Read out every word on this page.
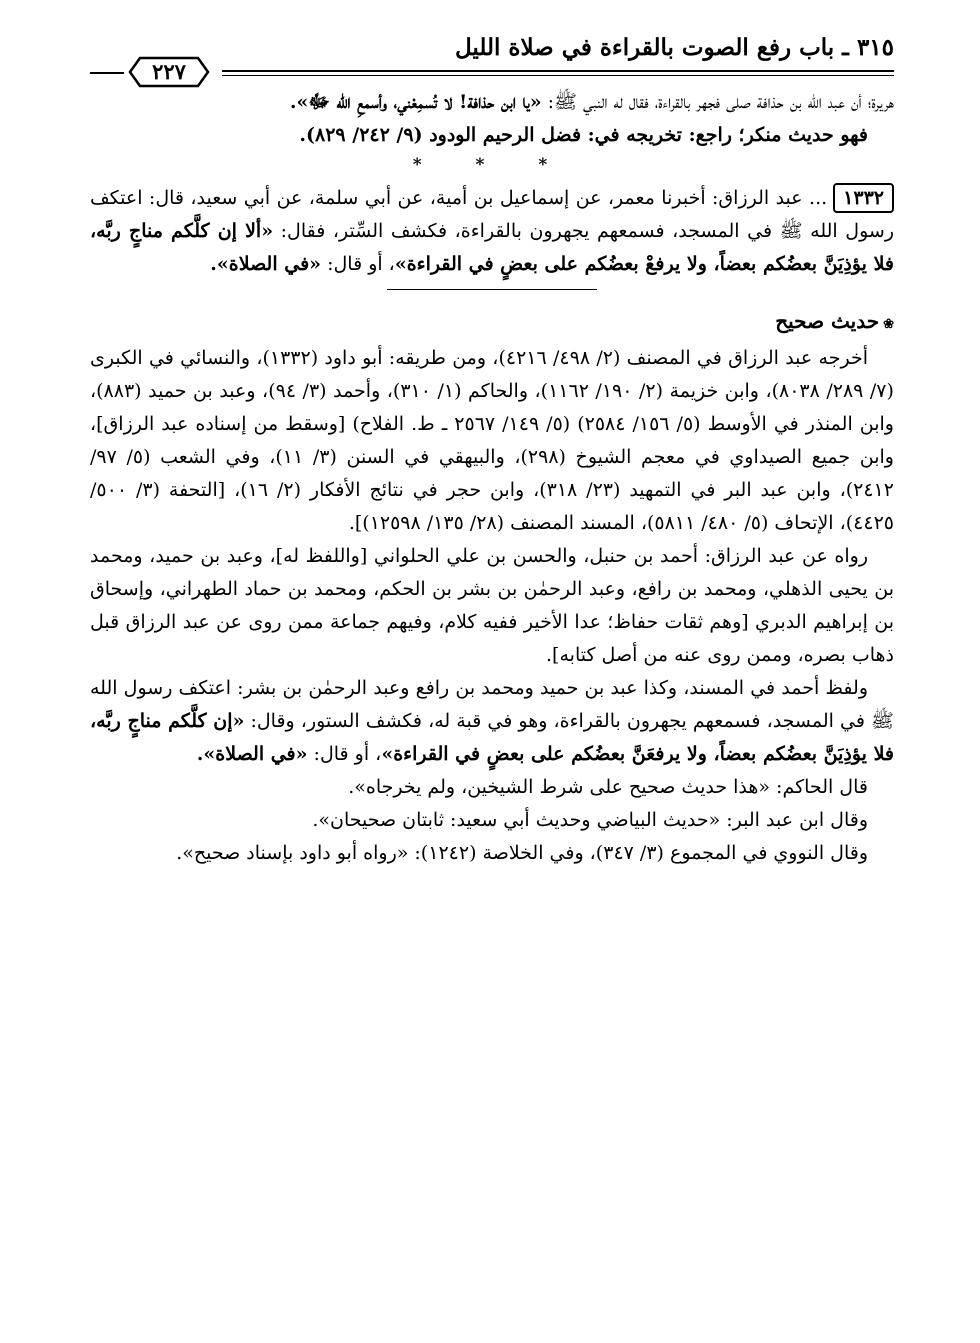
٣١٥ ـ باب رفع الصوت بالقراءة في صلاة الليل
٢٢٧

هريرة؛ أن عبد الله بن حذافة صلى فجهر بالقراءة، فقال له النبي ﷺ: «يا ابن حذافة! لا تُسمِعْني، وأسمعِ الله ﷻ».

فهو حديث منكر؛ راجع: تخريجه في: فضل الرحيم الودود (٩/ ٢٤٢/ ٨٢٩).

* * *

١٣٣٢... عبد الرزاق: أخبرنا معمر، عن إسماعيل بن أمية، عن أبي سلمة، عن أبي سعيد، قال: اعتكف رسول الله ﷺ في المسجد، فسمعهم يجهرون بالقراءة، فكشف السِّتر، فقال: «ألا إن كلَّكم مناجٍ ربَّه، فلا يؤذِيَنَّ بعضُكم بعضاً، ولا يرفعْ بعضُكم على بعضٍ في القراءة»، أو قال: «في الصلاة».

❀حديث صحيح

أخرجه عبد الرزاق في المصنف (٢/ ٤٩٨/ ٤٢١٦)، ومن طريقه: أبو داود (١٣٣٢)، والنسائي في الكبرى (٧/ ٢٨٩/ ٨٠٣٨)، وابن خزيمة (٢/ ١٩٠/ ١١٦٢)، والحاكم (١/ ٣١٠)، وأحمد (٣/ ٩٤)، وعبد بن حميد (٨٨٣)، وابن المنذر في الأوسط (٥/ ١٥٦/ ٢٥٨٤) (٥/ ١٤٩/ ٢٥٦٧ ـ ط. الفلاح) [وسقط من إسناده عبد الرزاق]، وابن جميع الصيداوي في معجم الشيوخ (٢٩٨)، والبيهقي في السنن (٣/ ١١)، وفي الشعب (٥/ ٩٧/ ٢٤١٢)، وابن عبد البر في التمهيد (٢٣/ ٣١٨)، وابن حجر في نتائج الأفكار (٢/ ١٦)، [التحفة (٣/ ٥٠٠/ ٤٤٢٥)، الإتحاف (٥/ ٤٨٠/ ٥٨١١)، المسند المصنف (٢٨/ ١٣٥/ ١٢٥٩٨)].

رواه عن عبد الرزاق: أحمد بن حنبل، والحسن بن علي الحلواني [واللفظ له]، وعبد بن حميد، ومحمد بن يحيى الذهلي، ومحمد بن رافع، وعبد الرحمٰن بن بشر بن الحكم، ومحمد بن حماد الطهراني، وإسحاق بن إبراهيم الدبري [وهم ثقات حفاظ؛ عدا الأخير ففيه كلام، وفيهم جماعة ممن روى عن عبد الرزاق قبل ذهاب بصره، وممن روى عنه من أصل كتابه].

ولفظ أحمد في المسند، وكذا عبد بن حميد ومحمد بن رافع وعبد الرحمٰن بن بشر: اعتكف رسول الله ﷺ في المسجد، فسمعهم يجهرون بالقراءة، وهو في قبة له، فكشف الستور، وقال: «إن كلَّكم مناجٍ ربَّه، فلا يؤذِيَنَّ بعضُكم بعضاً، ولا يرفعَنَّ بعضُكم على بعضٍ في القراءة»، أو قال: «في الصلاة».

قال الحاكم: «هذا حديث صحيح على شرط الشيخين، ولم يخرجاه».

وقال ابن عبد البر: «حديث البياضي وحديث أبي سعيد: ثابتان صحيحان».

وقال النووي في المجموع (٣/ ٣٤٧)، وفي الخلاصة (١٢٤٢): «رواه أبو داود بإسناد صحيح».
